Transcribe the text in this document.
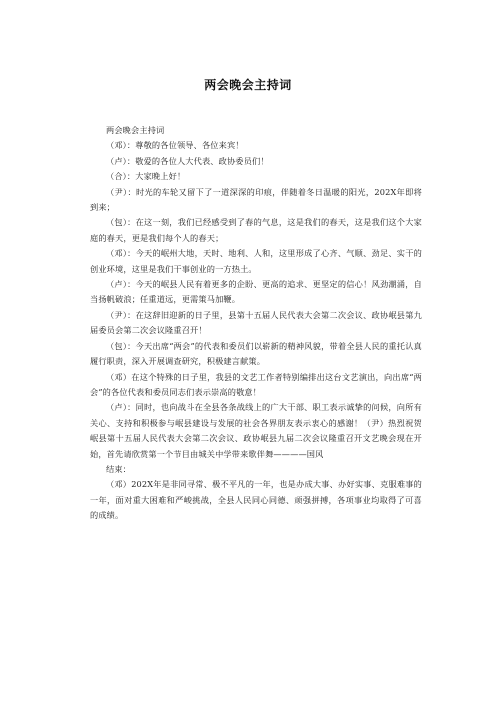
两会晚会主持词

两会晚会主持词

（邓）：尊敬的各位领导、各位来宾！

（卢）：敬爱的各位人大代表、政协委员们！

（合）：大家晚上好！

（尹）：时光的车轮又留下了一道深深的印痕，伴随着冬日温暖的阳光，202X年即将到来；

（包）：在这一刻，我们已经感受到了春的气息，这是我们的春天，这是我们这个大家庭的春天，更是我们每个人的春天；

（邓）：今天的岷州大地，天时、地利、人和，这里形成了心齐、气顺、劲足、实干的创业环境，这里是我们干事创业的一方热土。

（卢）：今天的岷县人民有着更多的企盼、更高的追求、更坚定的信心！风劲潮涌，自当扬帆破浪；任重道远，更需策马加鞭。

（尹）：在这辞旧迎新的日子里，县第十五届人民代表大会第二次会议、政协岷县第九届委员会第二次会议隆重召开！

（包）：今天出席“两会”的代表和委员们以崭新的精神风貌，带着全县人民的重托认真履行职责，深入开展调查研究，积极建言献策。

（邓）在这个特殊的日子里，我县的文艺工作者特别编排出这台文艺演出，向出席“两会”的各位代表和委员同志们表示崇高的敬意！

（卢）：同时，也向战斗在全县各条战线上的广大干部、职工表示诚挚的问候，向所有关心、支持和积极参与岷县建设与发展的社会各界朋友表示衷心的感谢！（尹）热烈祝贺岷县第十五届人民代表大会第二次会议、政协岷县九届二次会议隆重召开文艺晚会现在开始，首先请欣赏第一个节目由城关中学带来歌伴舞————国风

结束：

（邓）202X年是非同寻常、极不平凡的一年，也是办成大事、办好实事、克服难事的一年，面对重大困难和严峻挑战，全县人民同心同德、顽强拼搏，各项事业均取得了可喜的成绩。
